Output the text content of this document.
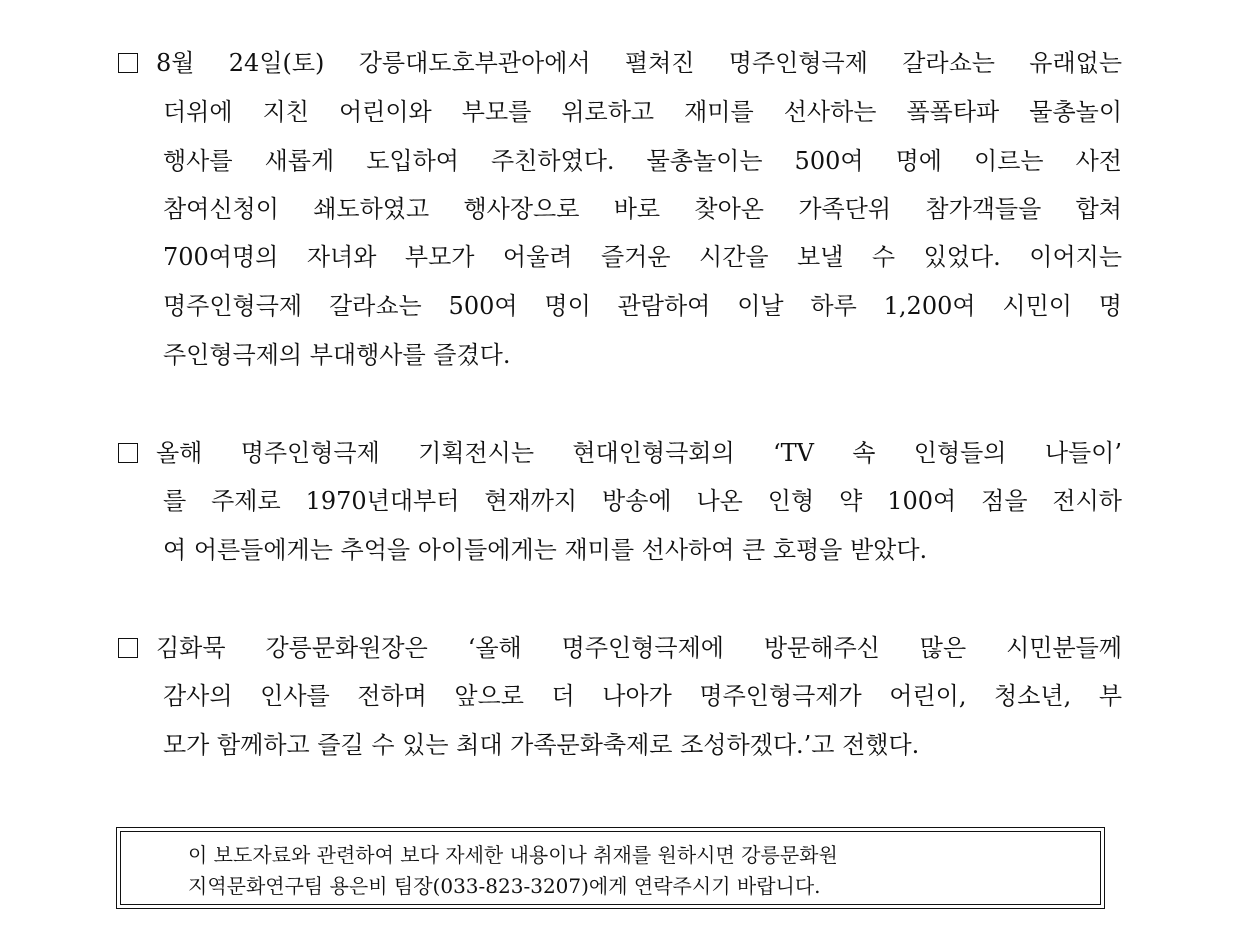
8월 24일(토) 강릉대도호부관아에서 펼쳐진 명주인형극제 갈라쇼는 유래없는
더위에 지친 어린이와 부모를 위로하고 재미를 선사하는 퐄퐄타파 물총놀이
행사를 새롭게 도입하여 주친하였다. 물총놀이는 500여 명에 이르는 사전
참여신청이 쇄도하였고 행사장으로 바로 찾아온 가족단위 참가객들을 합쳐
700여명의 자녀와 부모가 어울려 즐거운 시간을 보낼 수 있었다. 이어지는
명주인형극제 갈라쇼는 500여 명이 관람하여 이날 하루 1,200여 시민이 명
주인형극제의 부대행사를 즐겼다.
올해 명주인형극제 기획전시는 현대인형극회의 ‘TV 속 인형들의 나들이’
를 주제로 1970년대부터 현재까지 방송에 나온 인형 약 100여 점을 전시하
여 어른들에게는 추억을 아이들에게는 재미를 선사하여 큰 호평을 받았다.
김화묵 강릉문화원장은 ‘올해 명주인형극제에 방문해주신 많은 시민분들께
감사의 인사를 전하며 앞으로 더 나아가 명주인형극제가 어린이, 청소년, 부
모가 함께하고 즐길 수 있는 최대 가족문화축제로 조성하겠다.’고 전했다.
이 보도자료와 관련하여 보다 자세한 내용이나 취재를 원하시면 강릉문화원
지역문화연구팀 용은비 팀장(033-823-3207)에게 연락주시기 바랍니다.
